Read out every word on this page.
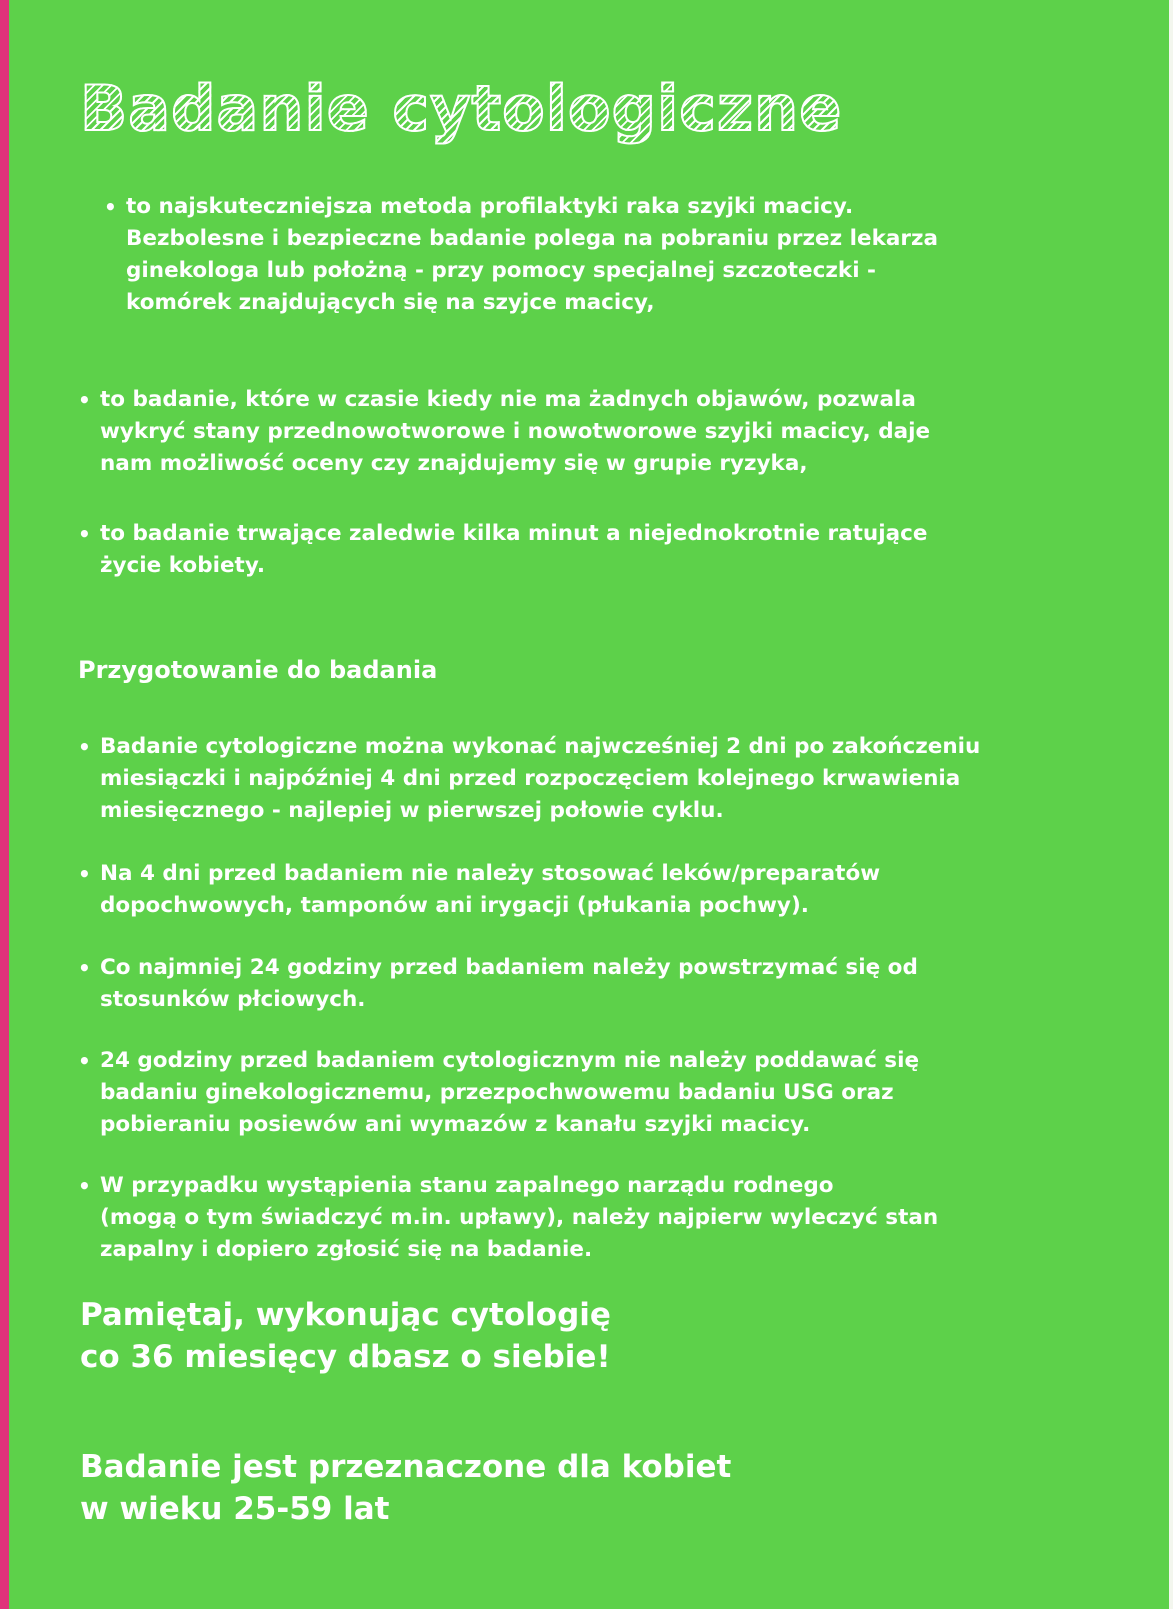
Badanie cytologiczne
• to najskuteczniejsza metoda profilaktyki raka szyjki macicy.
Bezbolesne i bezpieczne badanie polega na pobraniu przez lekarza
ginekologa lub położną - przy pomocy specjalnej szczoteczki -
komórek znajdujących się na szyjce macicy,
• to badanie, które w czasie kiedy nie ma żadnych objawów, pozwala
wykryć stany przednowotworowe i nowotworowe szyjki macicy, daje
nam możliwość oceny czy znajdujemy się w grupie ryzyka,
• to badanie trwające zaledwie kilka minut a niejednokrotnie ratujące
życie kobiety.
Przygotowanie do badania
• Badanie cytologiczne można wykonać najwcześniej 2 dni po zakończeniu
miesiączki i najpóźniej 4 dni przed rozpoczęciem kolejnego krwawienia
miesięcznego - najlepiej w pierwszej połowie cyklu.
• Na 4 dni przed badaniem nie należy stosować leków/preparatów
dopochwowych, tamponów ani irygacji (płukania pochwy).
• Co najmniej 24 godziny przed badaniem należy powstrzymać się od
stosunków płciowych.
• 24 godziny przed badaniem cytologicznym nie należy poddawać się
badaniu ginekologicznemu, przezpochwowemu badaniu USG oraz
pobieraniu posiewów ani wymazów z kanału szyjki macicy.
• W przypadku wystąpienia stanu zapalnego narządu rodnego
(mogą o tym świadczyć m.in. upławy), należy najpierw wyleczyć stan
zapalny i dopiero zgłosić się na badanie.
Pamiętaj, wykonując cytologię
co 36 miesięcy dbasz o siebie!
Badanie jest przeznaczone dla kobiet
w wieku 25-59 lat
